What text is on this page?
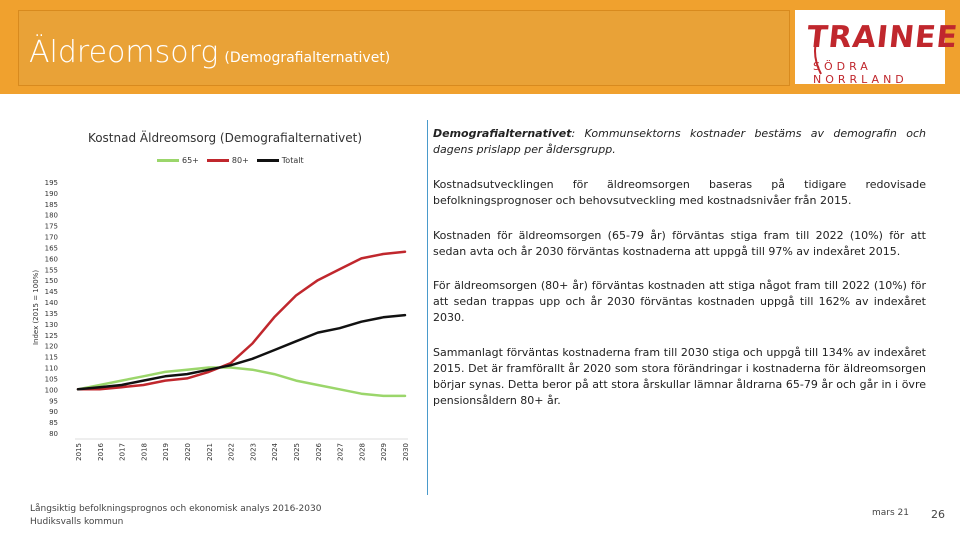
Äldreomsorg (Demografialternativet)
TRAINEE
SÖDRA NORRLAND
Kostnad Äldreomsorg (Demografialternativet)
65+	80+	Totalt
195
190
185
180
175
170
165
160
155
150
145
140
135
130
125
120
115
110
105
100
95
90
85
80
Index (2015 = 100%)
2015 2016 2017 2018 2019 2020 2021 2022 2023 2024 2025 2026 2027 2028 2029 2030
Demografialternativet: Kommunsektorns kostnader bestäms av demografin och dagens prislapp per åldersgrupp.
Kostnadsutvecklingen för äldreomsorgen baseras på tidigare redovisade befolkningsprognoser och behovsutveckling med kostnadsnivåer från 2015.
Kostnaden för äldreomsorgen (65-79 år) förväntas stiga fram till 2022 (10%) för att sedan avta och år 2030 förväntas kostnaderna att uppgå till 97% av indexåret 2015.
För äldreomsorgen (80+ år) förväntas kostnaden att stiga något fram till 2022 (10%) för att sedan trappas upp och år 2030 förväntas kostnaden uppgå till 162% av indexåret 2030.
Sammanlagt förväntas kostnaderna fram till 2030 stiga och uppgå till 134% av indexåret 2015. Det är framförallt år 2020 som stora förändringar i kostnaderna för äldreomsorgen börjar synas. Detta beror på att stora årskullar lämnar åldrarna 65-79 år och går in i övre pensionsåldern 80+ år.
Långsiktig befolkningsprognos och ekonomisk analys 2016-2030
Hudiksvalls kommun
mars 21 26
